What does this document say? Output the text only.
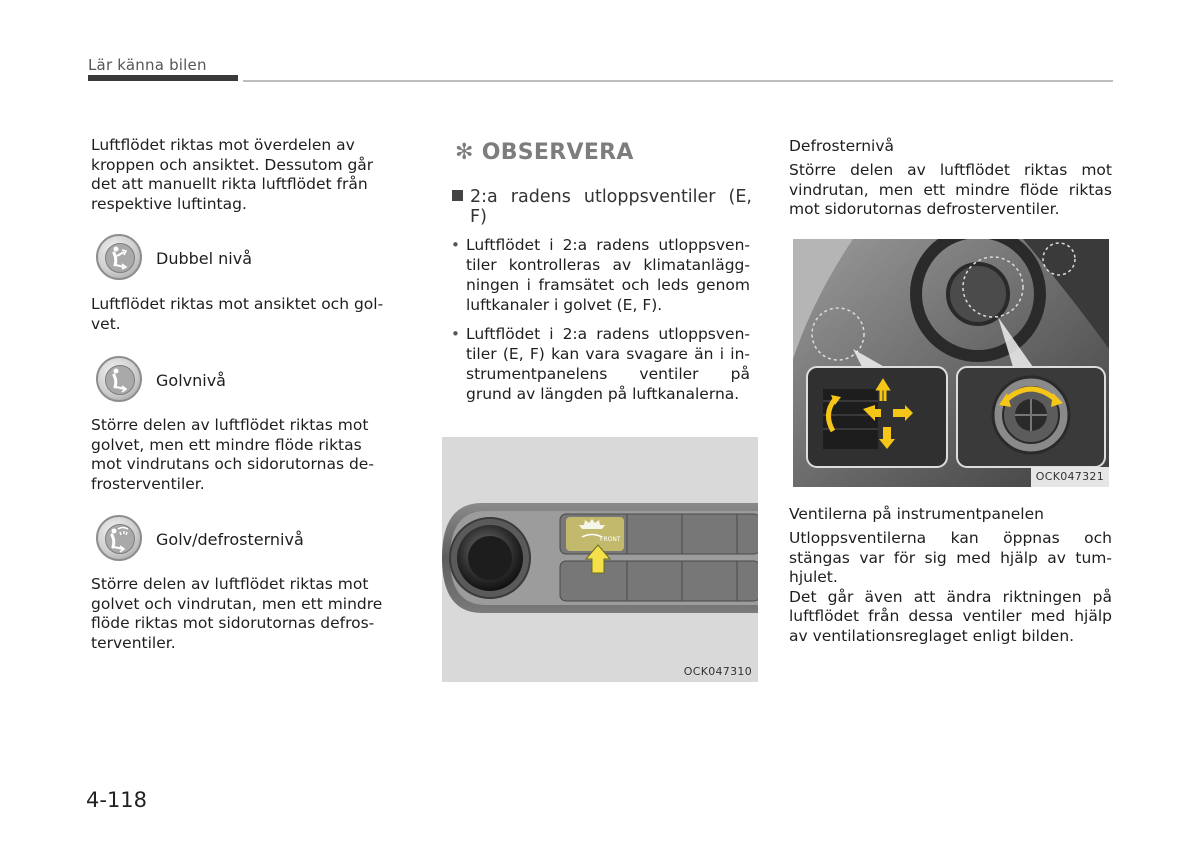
Lär känna bilen
Luftflödet riktas mot överdelen av
kroppen och ansiktet. Dessutom går
det att manuellt rikta luftflödet från
respektive luftintag.
Dubbel nivå
Luftflödet riktas mot ansiktet och gol-
vet.
Golvnivå
Större delen av luftflödet riktas mot
golvet, men ett mindre flöde riktas
mot vindrutans och sidorutornas de-
frosterventiler.
Golv/defrosternivå
Större delen av luftflödet riktas mot
golvet och vindrutan, men ett mindre
flöde riktas mot sidorutornas defros-
terventiler.
✻ OBSERVERA
2:a radens utloppsventiler (E,
F)
• Luftflödet i 2:a radens utloppsven-
tiler kontrolleras av klimatanlägg-
ningen i framsätet och leds genom
luftkanaler i golvet (E, F).
• Luftflödet i 2:a radens utloppsven-
tiler (E, F) kan vara svagare än i in-
strumentpanelens ventiler på
grund av längden på luftkanalerna.
FRONT
OCK047310
Defrosternivå
Större delen av luftflödet riktas mot
vindrutan, men ett mindre flöde riktas
mot sidorutornas defrosterventiler.
OCK047321
Ventilerna på instrumentpanelen
Utloppsventilerna kan öppnas och
stängas var för sig med hjälp av tum-
hjulet.
Det går även att ändra riktningen på
luftflödet från dessa ventiler med hjälp
av ventilationsreglaget enligt bilden.
4-118
